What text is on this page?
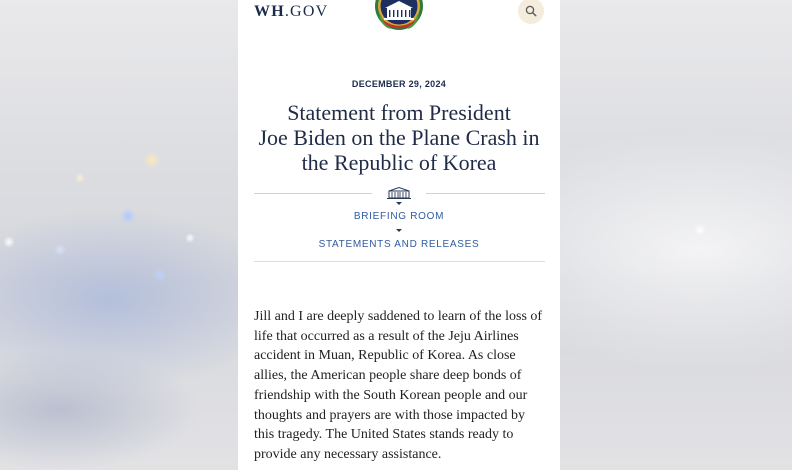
WH.GOV
DECEMBER 29, 2024
Statement from President
Joe Biden on the Plane Crash in
the Republic of Korea
BRIEFING ROOM
STATEMENTS AND RELEASES
Jill and I are deeply saddened to learn of the loss of
life that occurred as a result of the Jeju Airlines
accident in Muan, Republic of Korea. As close
allies, the American people share deep bonds of
friendship with the South Korean people and our
thoughts and prayers are with those impacted by
this tragedy. The United States stands ready to
provide any necessary assistance.
